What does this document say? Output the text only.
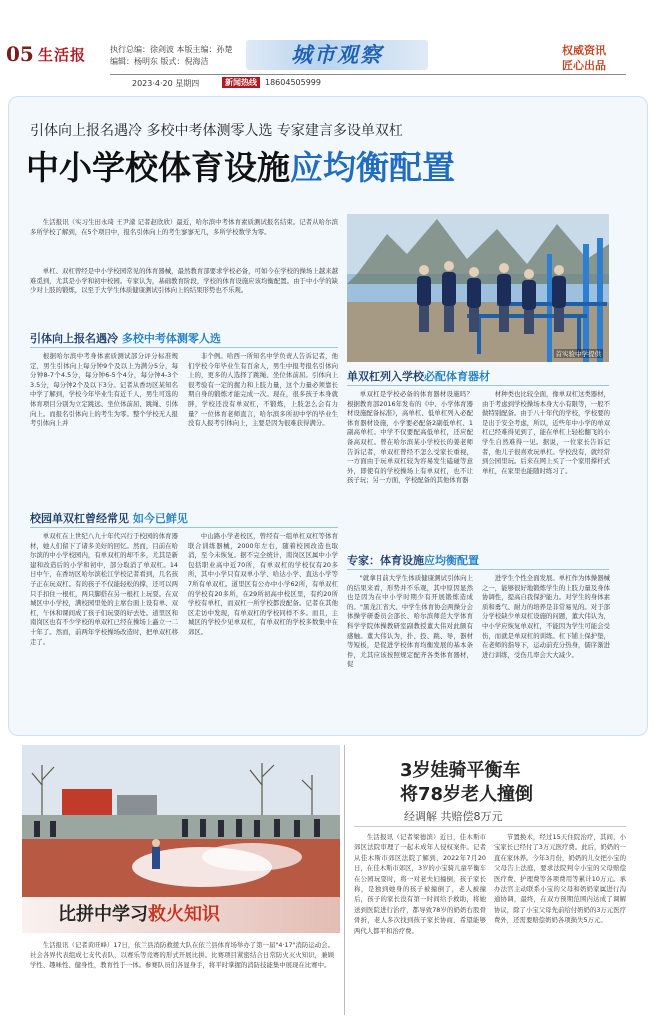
05 生活报	执行总编：徐剑波 本版主编：孙楚
编辑：杨明东 版式：倪海洁	城市观察	权威资讯
匠心出品
2023·4·20 星期四	新闻热线	18604505999
引体向上报名遇冷 多校中考体测零人选 专家建言多设单双杠
中小学校体育设施应均衡配置

生活报讯（实习生田永琦 王尹濛 记者赵欣欣）最近，哈尔滨中考体育素质测试报名结束。记者从哈尔滨多所学校了解到，在5个项目中，报名引体向上的考生寥寥无几，多所学校数学为零。

单杠、双杠曾经是中小学校园常见的体育器械，最然教育部要求学校必备，可如今在学校的操场上越来越难觅到，尤其是小学和初中校园。专家认为，基础教育阶段，学校的体育设施应该均衡配置。由于中小学的缺少对上肢的锻炼，以至于大学生体质健康测试引体向上的结果形势也不乐观。

首实验中学提供
引体向上报名遇冷 多校中考体测零人选

根据哈尔滨中考身体素质测试部分评分标准规定，男生引体向上每分钟9个及以上为满分5分，每分钟8-7个4.5分，每分钟6-5个4分，每分钟4-3个3.5分，每分钟2个及以下3分。记者从香坊区某知名中学了解到，学校今年毕业生有近千人，男生可选的体育项目分别为立定跳远、坐位体前屈、跳绳、引体向上。而报名引体向上的考生为零。整个学校无人报考引体向上并

非个例。哈西一所知名中学负责人告诉记者，他们学校今年毕业生有百余人，男生中报考报名引体向上的，更多的人选择了跳绳、坐位体前屈。引体向上很考验有一定的握力和上肢力量，这个力量必须靠长期自身的锻炼才能完成一次。现在，很多孩子本身就胖，学校还没有单双杠，不锻炼，上肢怎么会有力量？一位体育老师直言，哈尔滨多所初中学的毕业生没有人报考引体向上，主要是因为很难获得满分。

单双杠列入学校必配体育器材

单双杠是学校必备的体育器材设施吗？根据教育部2016年发布的《中、小学体育器材设施配备标准》，高单杠、低单杠列入必配体育器材设施，小学要必配备2副低单杠、1副高单杠。中学不仅要配高低单杠，还应配备高双杠。曾在哈尔滨某小学校长的姜老师告诉记者，单双杠曾经不怎么受家长重视，一方面由于玩单双杠较为容易发生磕碰等意外，即使有的学校操场上有单双杠，也不让孩子玩；另一方面，学校配备的其他体育器

材种类也比较全面，像单双杠这类器材，由于考虑到学校操场本身大小有限等，一般不做特别配备。由于八十年代的学校，学校要的是出于安全考虑，所以，近些年中小学的单双杠已经难得见到了，能在单杠上轻松翻飞的小学生自然难得一见。据说，一位家长告诉记者，他儿子很喜欢玩单杠。学校没有，就经常到公园里玩。后来在网上买了一个家用撑杆式单杠，在家里也能随时练习了。

校园单双杠曾经常见 如今已鲜见

单双杠在上世纪八九十年代兴行于校园的体育器材，她人们留下了诸多美好的回忆。然而，目前在哈尔滨的中小学校园内，有单双杠的却不多，尤其是新建和改造后的小学和初中，部分取消了单双杠。14日中午，在香坊区哈尔滨松江学校记者看到，几名孩子正在玩双杠。有的孩子不仅能轻松的撑，还可以两只手扣住一根杠，两只脚搭在另一根杠上玩耍。在双城区中小学校，满校园里处的主席台面上设有单、双杠，午休和课间成了孩子们玩耍的好去处。道里区和南岗区也有不少学校的单双杠已经在操场上矗立一二十年了。然而，前两年学校操场改造时，把单双杠移走了。

中山路小学老校区，曾经有一组单杠双杠等体育联合训练器械，2000年左右，随着校园改造也取消，至今未恢复。据不完全统计，南岗区区属中小学包括职业高中近70所，有单双杠的学校仅有20多所，其中小学只有双单小学、哈达小学、直达小学等7所有单双杠。道里区有公办中小学62所，有单双杠的学校有20多所，在29所初高中校区里，有约20所学校有单杠，而双杠一所学校都没配备。记者在其他区走访中发现，有单双杠的学校同样不多。而且，主城区的学校少见单双杠，有单双杠的学校多数集中在郊区。

专家：体育设施应均衡配置

"就拿目前大学生体质健康测试引体向上的结果来看，形势并不乐观，其中原因显然也是因为在中小学时期少有开展锻炼造成的。"黑龙江省大、中学生体育协会两操分会体操学研委员会部长、哈尔滨师范大学体育科学学院体操教研室副教授董大伟对此颇有感触。董大伟认为，扑、投、跳、导，器材等短板，是促进学校体育均衡发展的基本条件，尤其应该按照规定配齐各类体育器材，促

进学生个性全面发展。单杠作为体操器械之一，能够很好地锻炼学生的上肢力量及身体协调性，提高自我保护能力。对学生的身体素质和勇气、耐力的培养是非常易见的。对于部分学校缺少单双杠设施的问题，董大伟认为，中小学应恢复单双杠，不能因为学生可能会受伤，而就是单双杠的训练。杠下铺上保护垫，在老师的指导下，运动前充分热身，儒序渐进进行训练，受伤几率会大大减少。

比拼中学习救火知识

生活报讯（记者黄旺峰）17日，依兰县消防救援大队在依兰县体育场举办了第一届"4·17"消防运动会。社会各界代表组成七支代表队，以赛乐等竞赛的形式开展比拼。比赛项目紧密结合日常防火灭火知识，兼顾学性、趣味性、健身性，教育性于一体。参赛队员们各显身手，将平时掌握的消防技能集中展现在比赛中。

3岁娃骑平衡车
将78岁老人撞倒
经调解 共赔偿8万元

生活报讯（记者梁德滨）近日，佳木斯市郊区法院审理了一起未成年人侵权案件。记者从佳木斯市郊区法院了解到，2022年7月20日，在佳木斯市郊区，3岁的小宝骑儿童平衡车在公园玩耍时，将一对老夫妇撞倒，孩子家长称，是独到她身的孩子被撞倒了，老人被撞后，孩子的家长没有第一时间给予救助，将她送到医院进行治疗，都导致78岁的奶奶右股骨骨折，老人多次找到孩子家长协商，希望能够两代人都平和治疗费。

节置换术，经过15天住院治疗，其间，小宝家长已经付了3万元医疗费。此后，奶奶的一直在家休养。今年3月份，奶奶的儿女把小宝的父母告上法庭，要求法院判令小宝的父母赔偿医疗费、护理费等各项费用等累计10万元。承办法官主动联系小宝的父母和奶奶家属进行沟通协调，最终，在双方预期范围内达成了调解协议，除了小宝父母先前给付奶奶的3万元医疗费外，还需要赔偿奶奶各项损失5万元。
